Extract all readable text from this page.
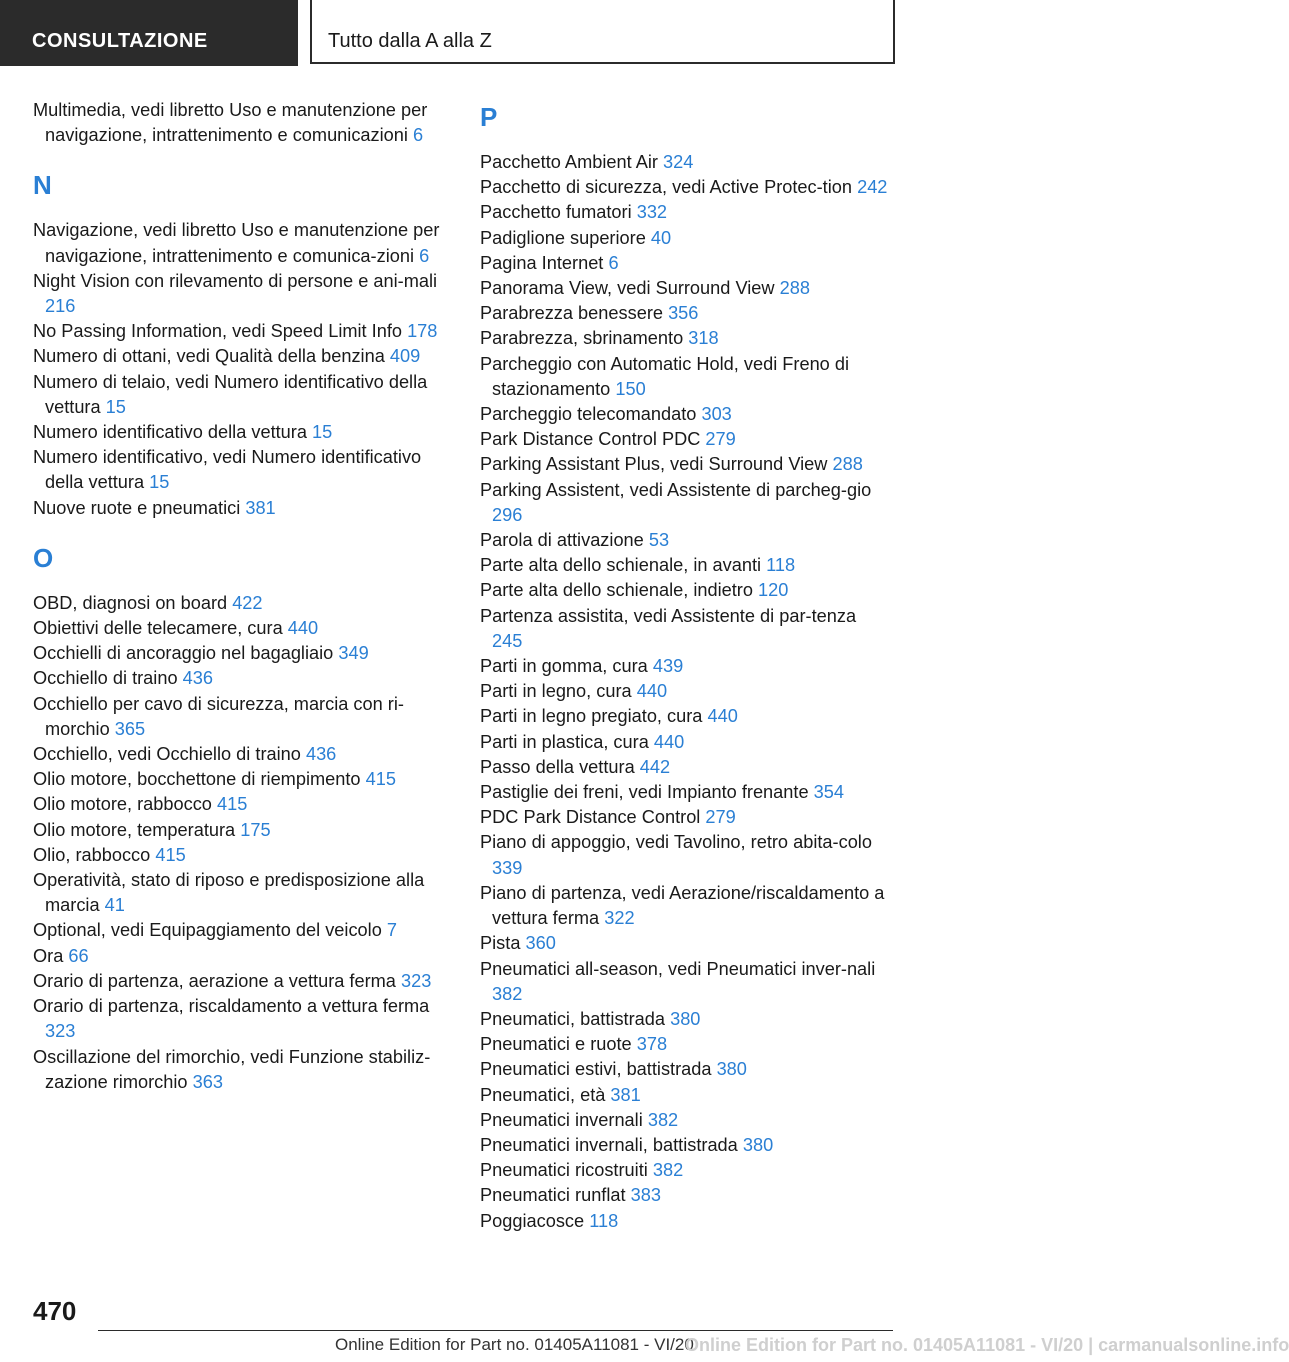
CONSULTAZIONE	Tutto dalla A alla Z
Multimedia, vedi libretto Uso e manutenzione per navigazione, intrattenimento e comunicazioni 6
N
Navigazione, vedi libretto Uso e manutenzione per navigazione, intrattenimento e comunica-zioni 6
Night Vision con rilevamento di persone e ani-mali 216
No Passing Information, vedi Speed Limit Info 178
Numero di ottani, vedi Qualità della benzina 409
Numero di telaio, vedi Numero identificativo della vettura 15
Numero identificativo della vettura 15
Numero identificativo, vedi Numero identificativo della vettura 15
Nuove ruote e pneumatici 381
O
OBD, diagnosi on board 422
Obiettivi delle telecamere, cura 440
Occhielli di ancoraggio nel bagagliaio 349
Occhiello di traino 436
Occhiello per cavo di sicurezza, marcia con ri-morchio 365
Occhiello, vedi Occhiello di traino 436
Olio motore, bocchettone di riempimento 415
Olio motore, rabbocco 415
Olio motore, temperatura 175
Olio, rabbocco 415
Operatività, stato di riposo e predisposizione alla marcia 41
Optional, vedi Equipaggiamento del veicolo 7
Ora 66
Orario di partenza, aerazione a vettura ferma 323
Orario di partenza, riscaldamento a vettura ferma 323
Oscillazione del rimorchio, vedi Funzione stabiliz-zazione rimorchio 363
P
Pacchetto Ambient Air 324
Pacchetto di sicurezza, vedi Active Protec-tion 242
Pacchetto fumatori 332
Padiglione superiore 40
Pagina Internet 6
Panorama View, vedi Surround View 288
Parabrezza benessere 356
Parabrezza, sbrinamento 318
Parcheggio con Automatic Hold, vedi Freno di stazionamento 150
Parcheggio telecomandato 303
Park Distance Control PDC 279
Parking Assistant Plus, vedi Surround View 288
Parking Assistent, vedi Assistente di parcheg-gio 296
Parola di attivazione 53
Parte alta dello schienale, in avanti 118
Parte alta dello schienale, indietro 120
Partenza assistita, vedi Assistente di par-tenza 245
Parti in gomma, cura 439
Parti in legno, cura 440
Parti in legno pregiato, cura 440
Parti in plastica, cura 440
Passo della vettura 442
Pastiglie dei freni, vedi Impianto frenante 354
PDC Park Distance Control 279
Piano di appoggio, vedi Tavolino, retro abita-colo 339
Piano di partenza, vedi Aerazione/riscaldamento a vettura ferma 322
Pista 360
Pneumatici all-season, vedi Pneumatici inver-nali 382
Pneumatici, battistrada 380
Pneumatici e ruote 378
Pneumatici estivi, battistrada 380
Pneumatici, età 381
Pneumatici invernali 382
Pneumatici invernali, battistrada 380
Pneumatici ricostruiti 382
Pneumatici runflat 383
Poggiacosce 118
470
Online Edition for Part no. 01405A11081 - VI/20
Online Edition for Part no. 01405A11081 - VI/20 | carmanualsonline.info
